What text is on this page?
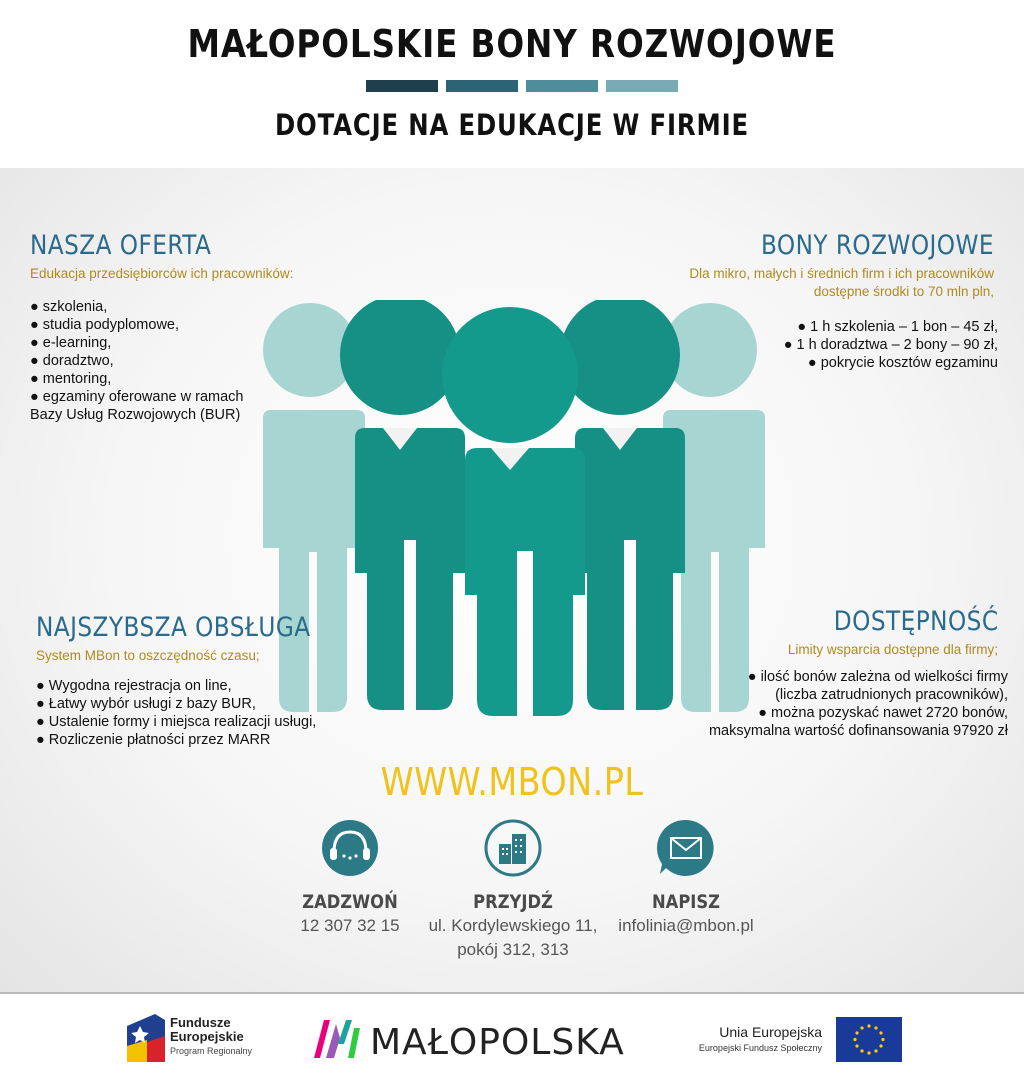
MAŁOPOLSKIE BONY ROZWOJOWE
DOTACJE NA EDUKACJE W FIRMIE
NASZA OFERTA
Edukacja przedsiębiorców ich pracowników:
● szkolenia,
● studia podyplomowe,
● e-learning,
● doradztwo,
● mentoring,
● egzaminy oferowane w ramach
Bazy Usług Rozwojowych (BUR)
BONY ROZWOJOWE
Dla mikro, małych i średnich firm i ich pracowników
dostępne środki to 70 mln pln,
● 1 h szkolenia – 1 bon – 45 zł,
● 1 h doradztwa – 2 bony – 90 zł,
● pokrycie kosztów egzaminu
NAJSZYBSZA OBSŁUGA
System MBon to oszczędność czasu;
● Wygodna rejestracja on line,
● Łatwy wybór usługi z bazy BUR,
● Ustalenie formy i miejsca realizacji usługi,
● Rozliczenie płatności przez MARR
DOSTĘPNOŚĆ
Limity wsparcia dostępne dla firmy;
● ilość bonów zależna od wielkości firmy
(liczba zatrudnionych pracowników),
● można pozyskać nawet 2720 bonów,
maksymalna wartość dofinansowania 97920 zł
WWW.MBON.PL
ZADZWOŃ
12 307 32 15
PRZYJDŹ
ul. Kordylewskiego 11,
pokój 312, 313
NAPISZ
infolinia@mbon.pl
Fundusze
Europejskie
Program Regionalny	MAŁOPOLSKA	Unia Europejska
Europejski Fundusz Społeczny
